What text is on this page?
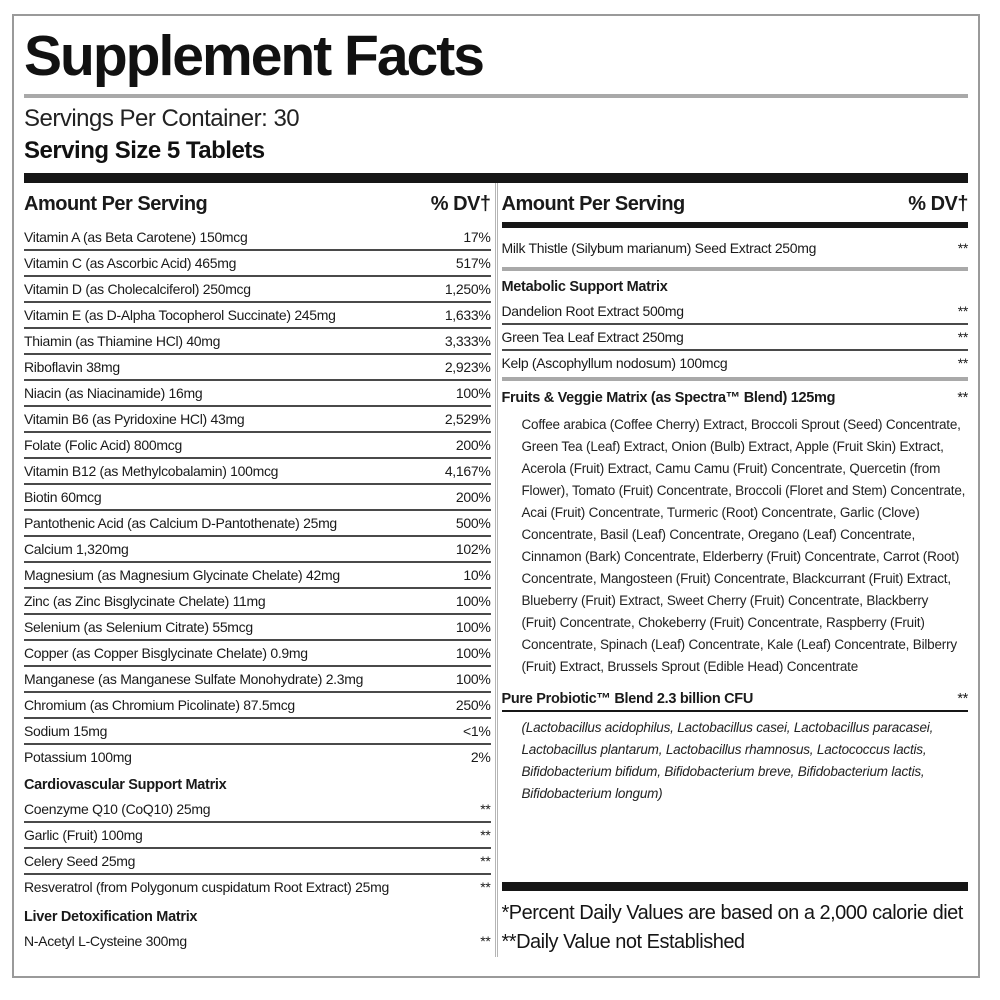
Supplement Facts
Servings Per Container: 30
Serving Size 5 Tablets
Amount Per Serving	% DV†
Vitamin A (as Beta Carotene) 150mcg	17%
Vitamin C (as Ascorbic Acid) 465mg	517%
Vitamin D (as Cholecalciferol) 250mcg	1,250%
Vitamin E (as D-Alpha Tocopherol Succinate) 245mg	1,633%
Thiamin (as Thiamine HCl) 40mg	3,333%
Riboflavin 38mg	2,923%
Niacin (as Niacinamide) 16mg	100%
Vitamin B6 (as Pyridoxine HCl) 43mg	2,529%
Folate (Folic Acid) 800mcg	200%
Vitamin B12 (as Methylcobalamin) 100mcg	4,167%
Biotin 60mcg	200%
Pantothenic Acid (as Calcium D-Pantothenate) 25mg	500%
Calcium 1,320mg	102%
Magnesium (as Magnesium Glycinate Chelate) 42mg	10%
Zinc (as Zinc Bisglycinate Chelate) 11mg	100%
Selenium (as Selenium Citrate) 55mcg	100%
Copper (as Copper Bisglycinate Chelate) 0.9mg	100%
Manganese (as Manganese Sulfate Monohydrate) 2.3mg	100%
Chromium (as Chromium Picolinate) 87.5mcg	250%
Sodium 15mg	<1%
Potassium 100mg	2%
Cardiovascular Support Matrix
Coenzyme Q10 (CoQ10) 25mg	**
Garlic (Fruit) 100mg	**
Celery Seed 25mg	**
Resveratrol (from Polygonum cuspidatum Root Extract) 25mg	**
Liver Detoxification Matrix
N-Acetyl L-Cysteine 300mg	**
Amount Per Serving	% DV†
Milk Thistle (Silybum marianum) Seed Extract 250mg	**
Metabolic Support Matrix
Dandelion Root Extract 500mg	**
Green Tea Leaf Extract 250mg	**
Kelp (Ascophyllum nodosum) 100mcg	**
Fruits & Veggie Matrix (as Spectra™ Blend) 125mg	**
Coffee arabica (Coffee Cherry) Extract, Broccoli Sprout (Seed) Concentrate, Green Tea (Leaf) Extract, Onion (Bulb) Extract, Apple (Fruit Skin) Extract, Acerola (Fruit) Extract, Camu Camu (Fruit) Concentrate, Quercetin (from Flower), Tomato (Fruit) Concentrate, Broccoli (Floret and Stem) Concentrate, Acai (Fruit) Concentrate, Turmeric (Root) Concentrate, Garlic (Clove) Concentrate, Basil (Leaf) Concentrate, Oregano (Leaf) Concentrate, Cinnamon (Bark) Concentrate, Elderberry (Fruit) Concentrate, Carrot (Root) Concentrate, Mangosteen (Fruit) Concentrate, Blackcurrant (Fruit) Extract, Blueberry (Fruit) Extract, Sweet Cherry (Fruit) Concentrate, Blackberry (Fruit) Concentrate, Chokeberry (Fruit) Concentrate, Raspberry (Fruit) Concentrate, Spinach (Leaf) Concentrate, Kale (Leaf) Concentrate, Bilberry (Fruit) Extract, Brussels Sprout (Edible Head) Concentrate
Pure Probiotic™ Blend 2.3 billion CFU	**
(Lactobacillus acidophilus, Lactobacillus casei, Lactobacillus paracasei, Lactobacillus plantarum, Lactobacillus rhamnosus, Lactococcus lactis, Bifidobacterium bifidum, Bifidobacterium breve, Bifidobacterium lactis, Bifidobacterium longum)
*Percent Daily Values are based on a 2,000 calorie diet
**Daily Value not Established
